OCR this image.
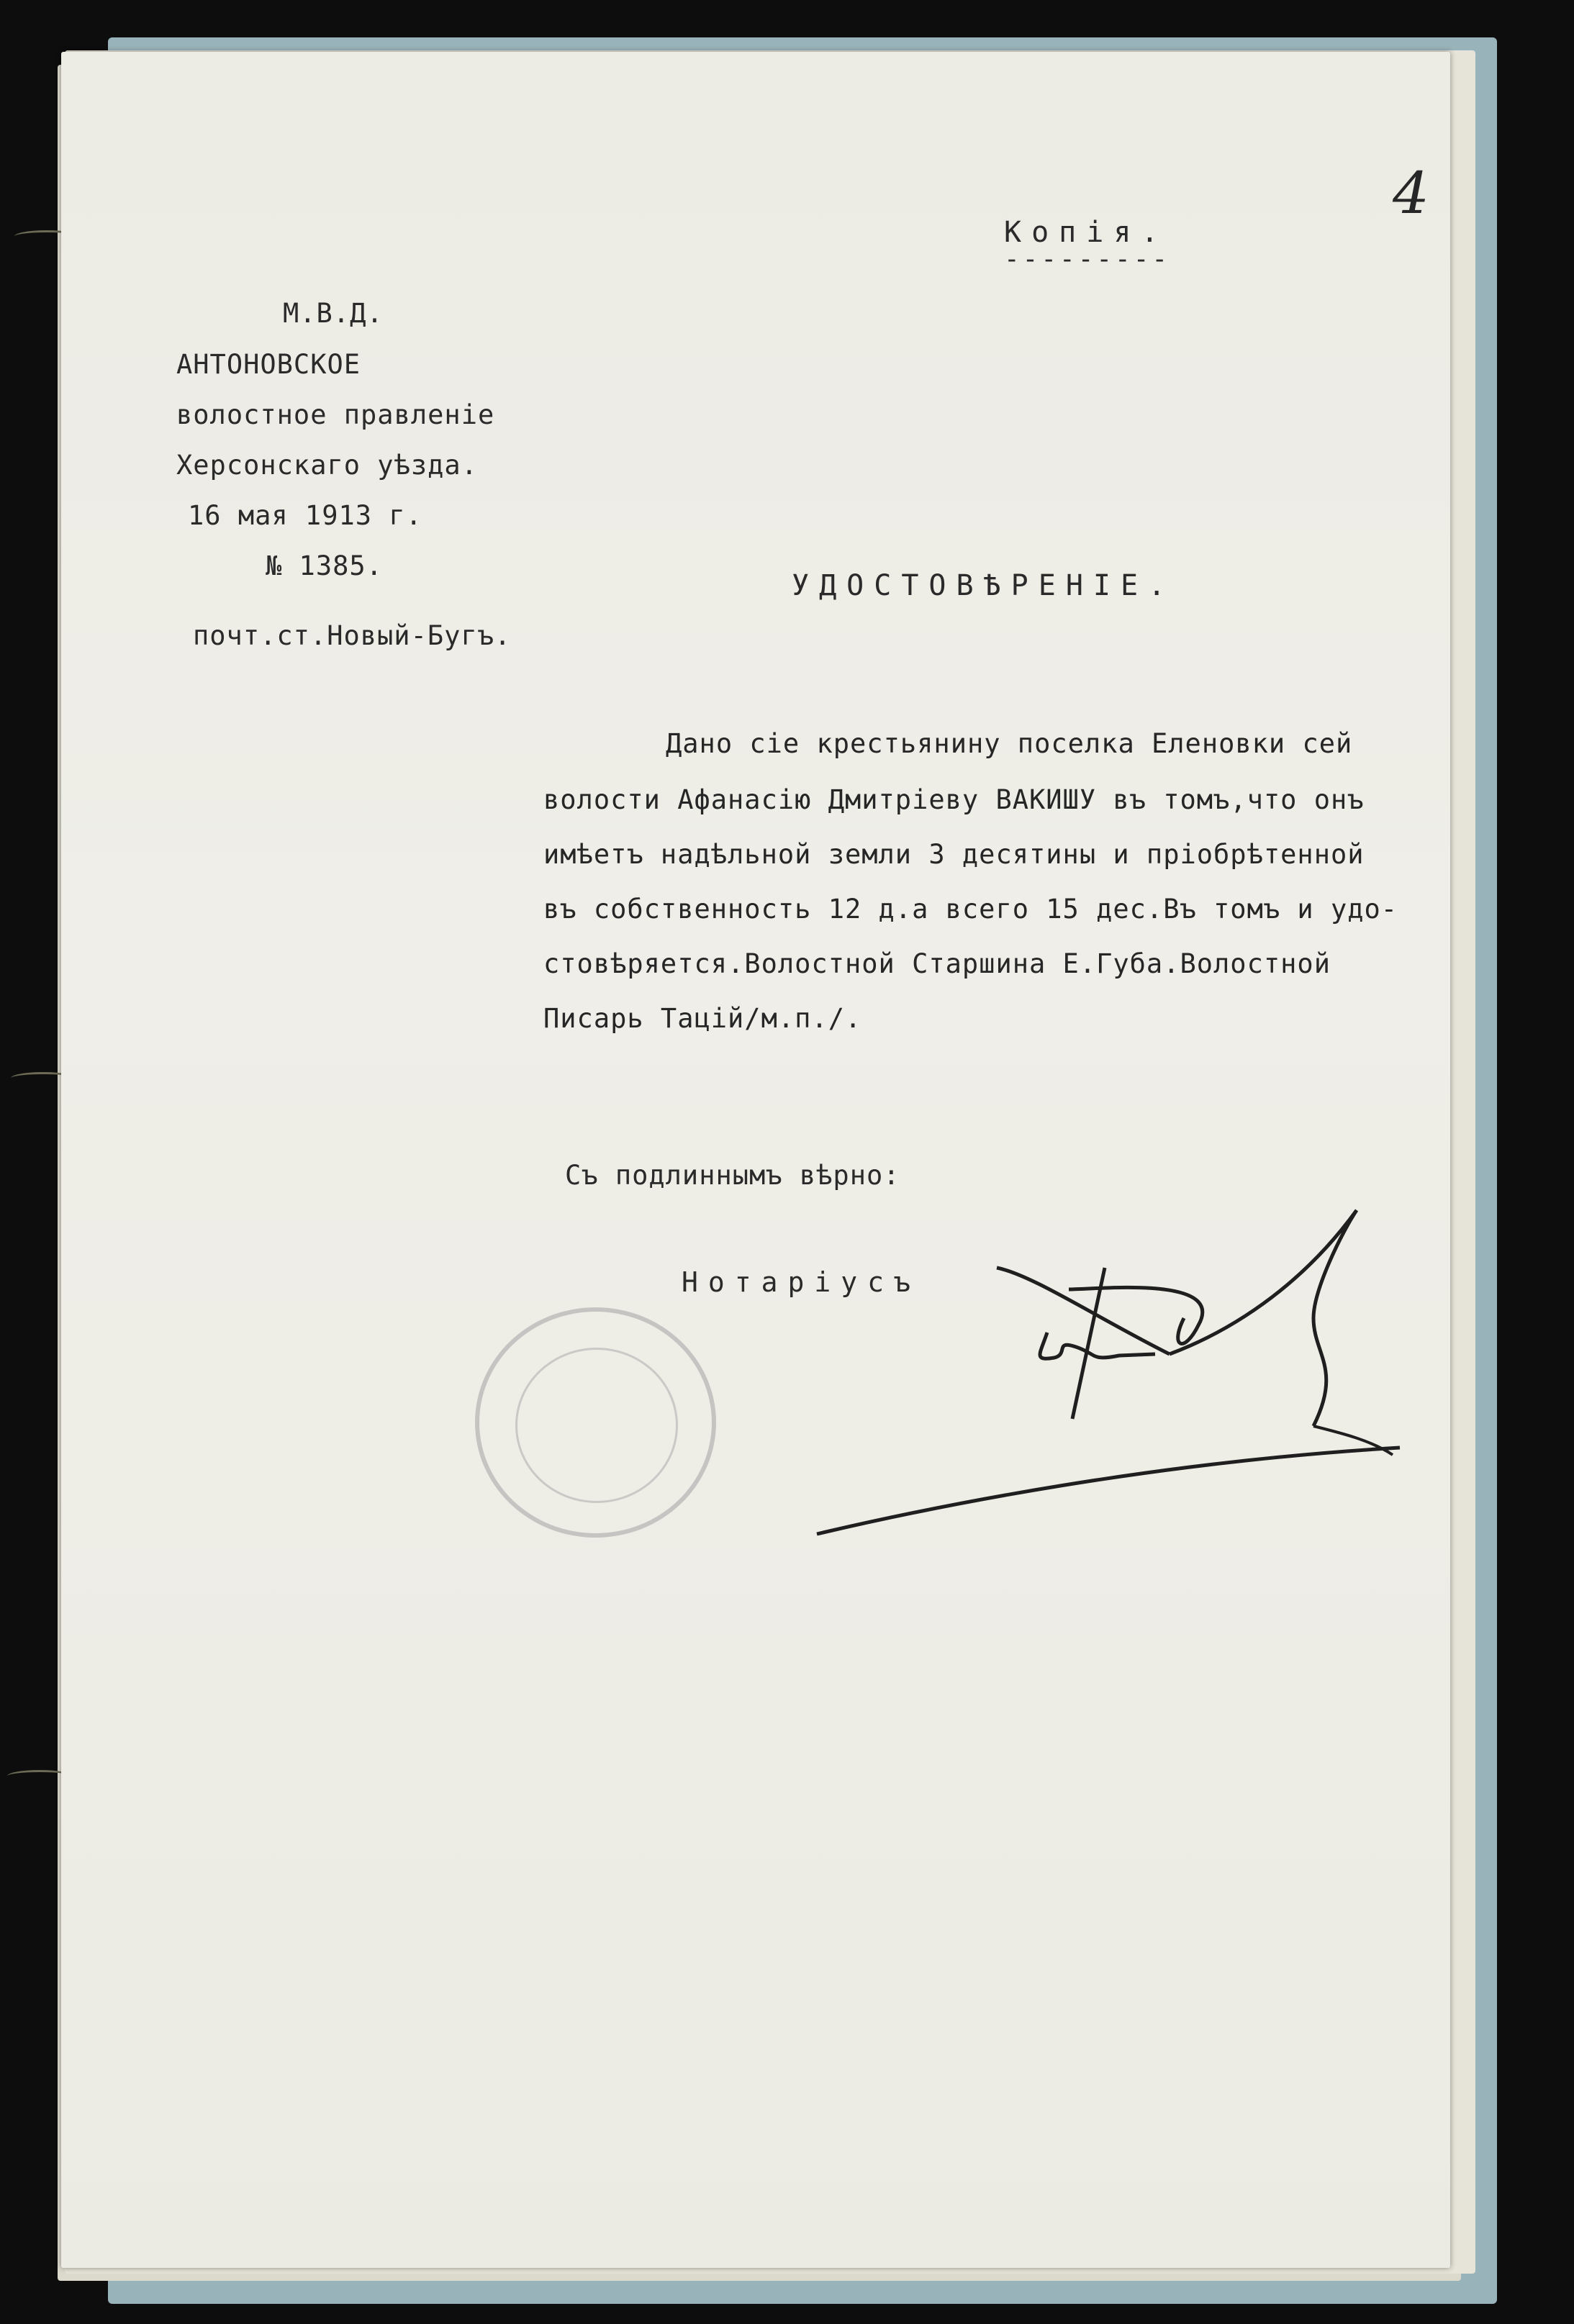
4
Копія.
---------
М.В.Д.
АНТОНОВСКОЕ
волостное правленіе
Херсонскаго уѣзда.
16 мая 1913 г.
№ 1385.
почт.ст.Новый-Бугъ.
УДОСТОВѢРЕНІЕ.
Дано сіе крестьянину поселка Еленовки сей
волости Афанасію Дмитріеву ВАКИШУ въ томъ,что онъ
имѣетъ надѣльной земли 3 десятины и пріобрѣтенной
въ собственность 12 д.а всего 15 дес.Въ томъ и удо-
стовѣряется.Волостной Старшина Е.Губа.Волостной
Писарь Тацій/м.п./.
Съ подлиннымъ вѣрно:
Нотаріусъ
